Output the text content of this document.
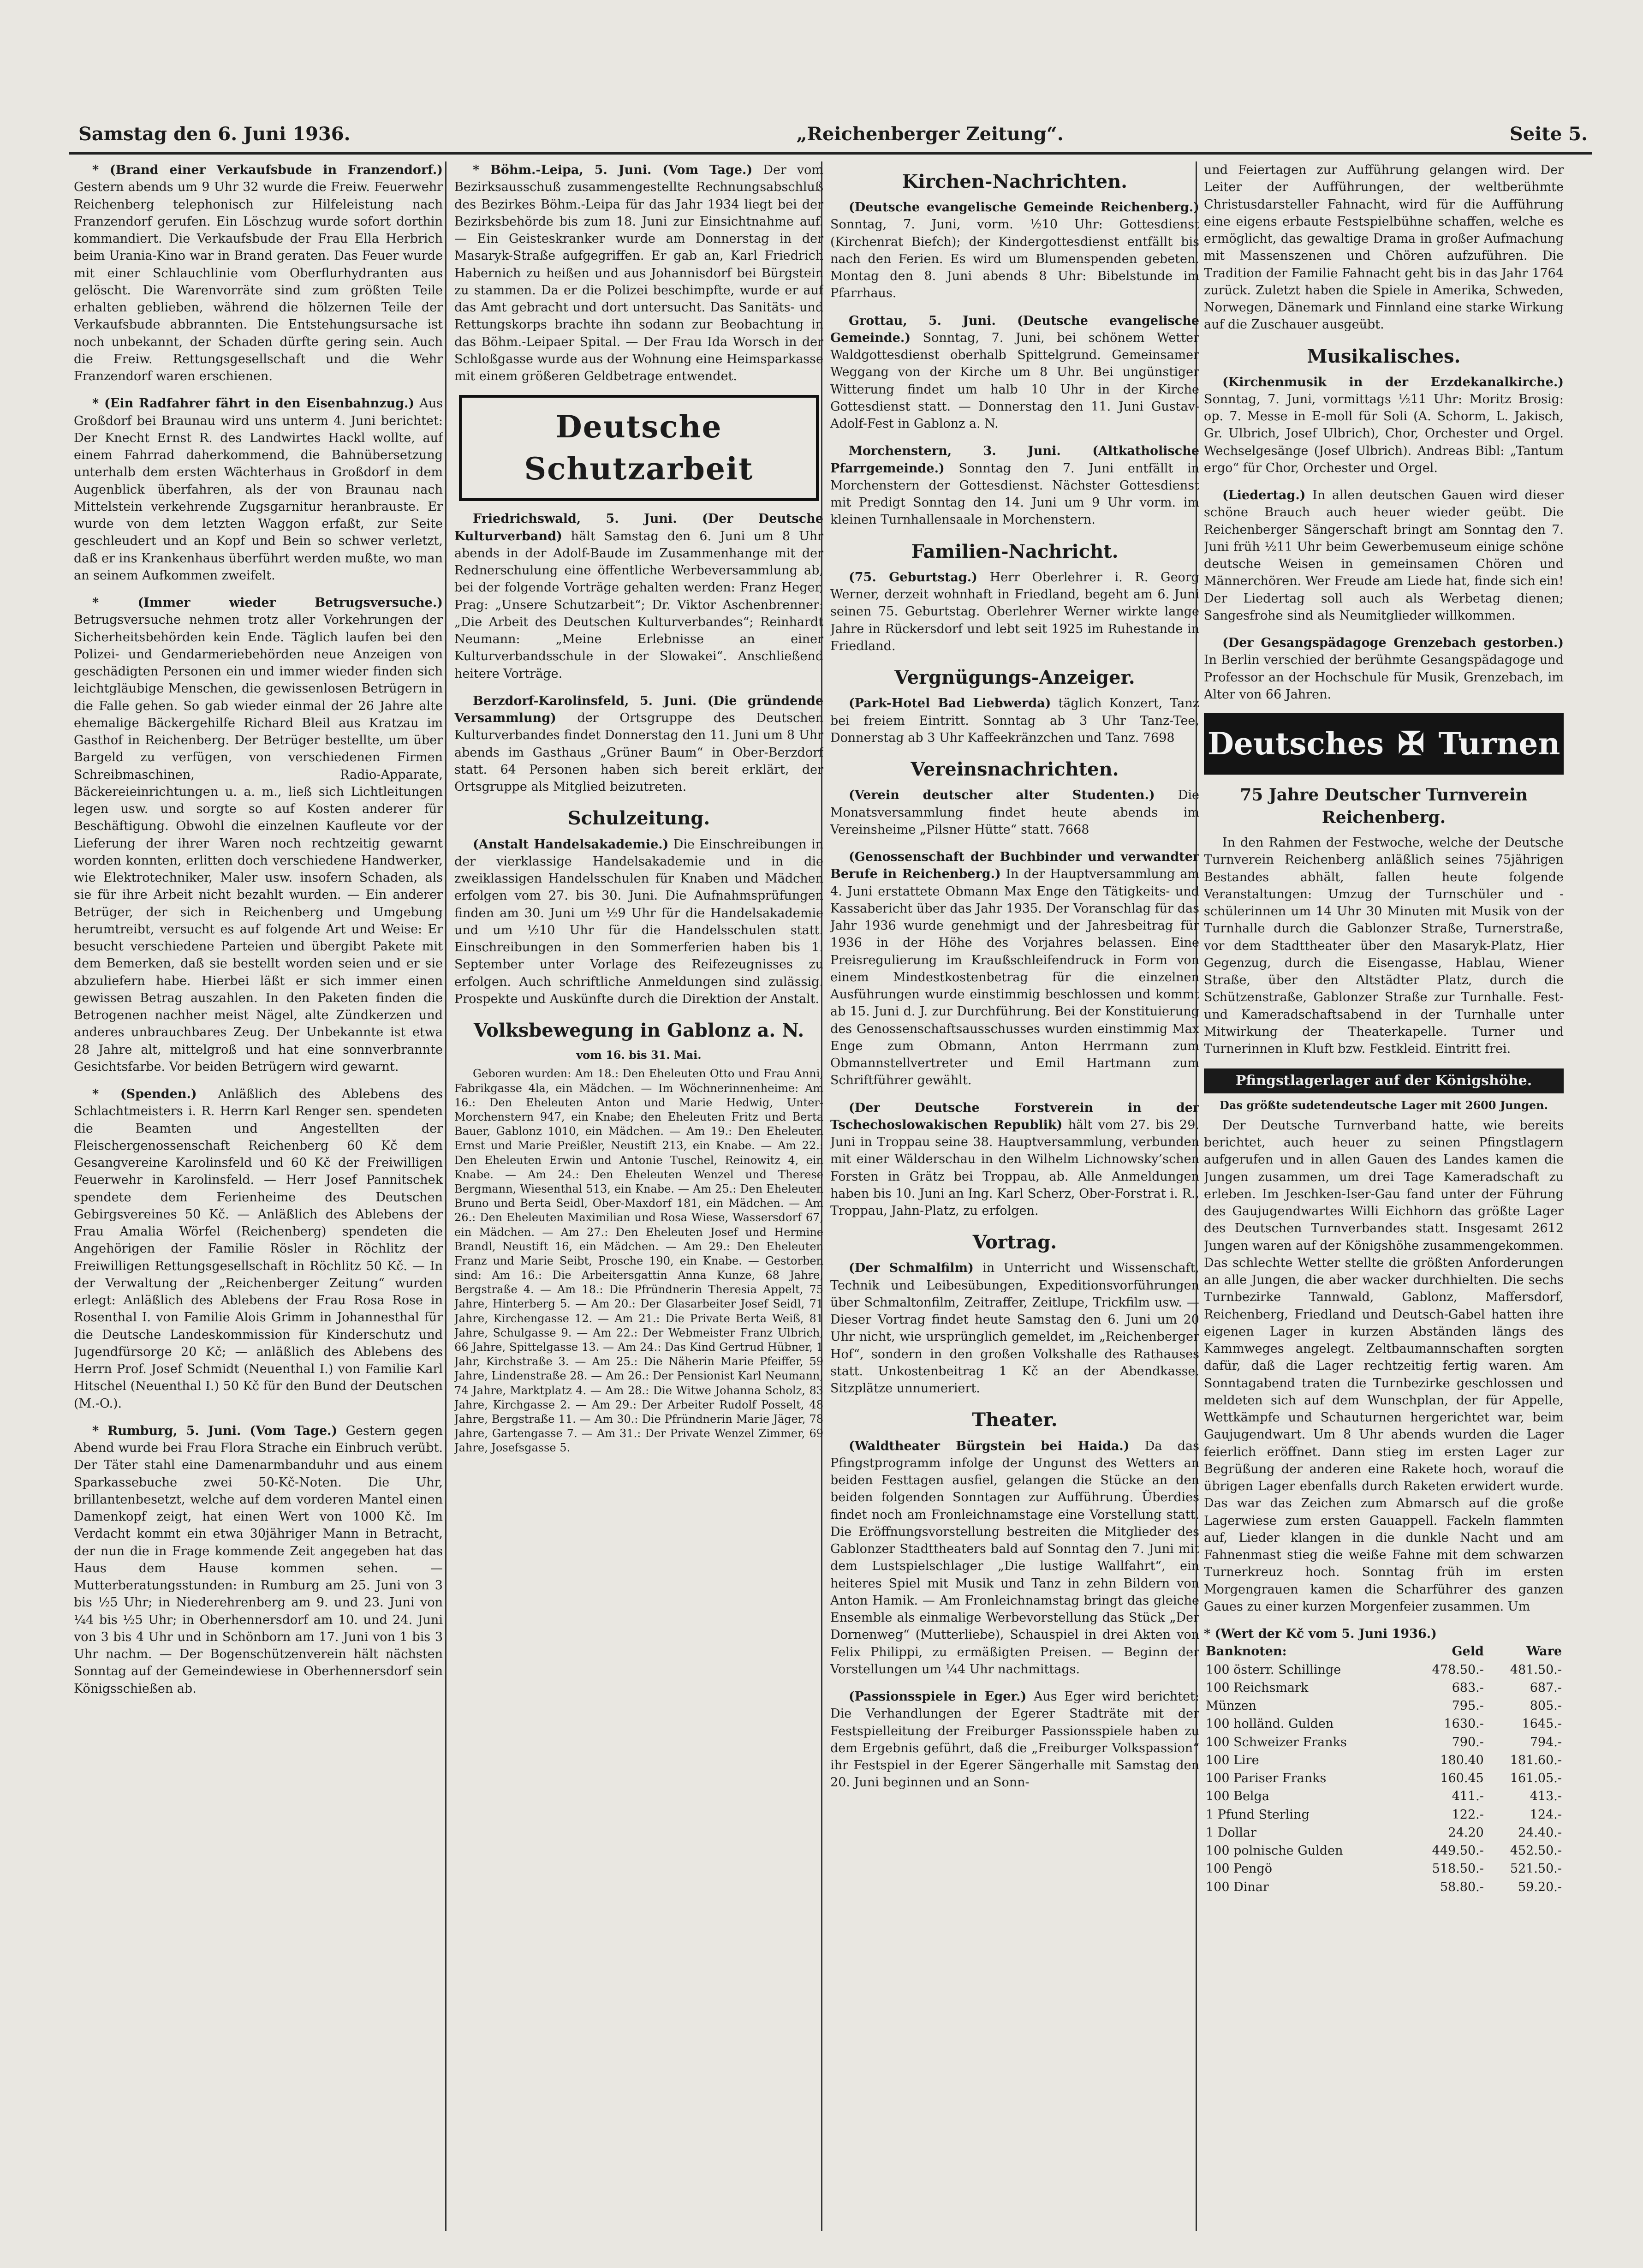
Samstag den 6. Juni 1936.	„Reichenberger Zeitung“.	Seite 5.

* (Brand einer Verkaufsbude in Franzendorf.) Gestern abends um 9 Uhr 32 wurde die Freiw. Feuerwehr Reichenberg telephonisch zur Hilfeleistung nach Franzendorf gerufen. Ein Löschzug wurde sofort dorthin kommandiert. Die Verkaufsbude der Frau Ella Herbrich beim Urania-Kino war in Brand geraten. Das Feuer wurde mit einer Schlauchlinie vom Oberflurhydranten aus gelöscht. Die Warenvorräte sind zum größten Teile erhalten geblieben, während die hölzernen Teile der Verkaufsbude abbrannten. Die Entstehungsursache ist noch unbekannt, der Schaden dürfte gering sein. Auch die Freiw. Rettungsgesellschaft und die Wehr Franzendorf waren erschienen.

* (Ein Radfahrer fährt in den Eisenbahnzug.) Aus Großdorf bei Braunau wird uns unterm 4. Juni berichtet: Der Knecht Ernst R. des Landwirtes Hackl wollte, auf einem Fahrrad daherkommend, die Bahnübersetzung unterhalb dem ersten Wächterhaus in Großdorf in dem Augenblick überfahren, als der von Braunau nach Mittelstein verkehrende Zugsgarnitur heranbrauste. Er wurde von dem letzten Waggon erfaßt, zur Seite geschleudert und an Kopf und Bein so schwer verletzt, daß er ins Krankenhaus überführt werden mußte, wo man an seinem Aufkommen zweifelt.

* (Immer wieder Betrugsversuche.) Betrugsversuche nehmen trotz aller Vorkehrungen der Sicherheitsbehörden kein Ende. Täglich laufen bei den Polizei- und Gendarmeriebehörden neue Anzeigen von geschädigten Personen ein und immer wieder finden sich leichtgläubige Menschen, die gewissenlosen Betrügern in die Falle gehen. So gab wieder einmal der 26 Jahre alte ehemalige Bäckergehilfe Richard Bleil aus Kratzau im Gasthof in Reichenberg. Der Betrüger bestellte, um über Bargeld zu verfügen, von verschiedenen Firmen Schreibmaschinen, Radio-Apparate, Bäckereieinrichtungen u. a. m., ließ sich Lichtleitungen legen usw. und sorgte so auf Kosten anderer für Beschäftigung. Obwohl die einzelnen Kaufleute vor der Lieferung der ihrer Waren noch rechtzeitig gewarnt worden konnten, erlitten doch verschiedene Handwerker, wie Elektrotechniker, Maler usw. insofern Schaden, als sie für ihre Arbeit nicht bezahlt wurden. — Ein anderer Betrüger, der sich in Reichenberg und Umgebung herumtreibt, versucht es auf folgende Art und Weise: Er besucht verschiedene Parteien und übergibt Pakete mit dem Bemerken, daß sie bestellt worden seien und er sie abzuliefern habe. Hierbei läßt er sich immer einen gewissen Betrag auszahlen. In den Paketen finden die Betrogenen nachher meist Nägel, alte Zündkerzen und anderes unbrauchbares Zeug. Der Unbekannte ist etwa 28 Jahre alt, mittelgroß und hat eine sonnverbrannte Gesichtsfarbe. Vor beiden Betrügern wird gewarnt.

* (Spenden.) Anläßlich des Ablebens des Schlachtmeisters i. R. Herrn Karl Renger sen. spendeten die Beamten und Angestellten der Fleischergenossenschaft Reichenberg 60 Kč dem Gesangvereine Karolinsfeld und 60 Kč der Freiwilligen Feuerwehr in Karolinsfeld. — Herr Josef Pannitschek spendete dem Ferienheime des Deutschen Gebirgsvereines 50 Kč. — Anläßlich des Ablebens der Frau Amalia Wörfel (Reichenberg) spendeten die Angehörigen der Familie Rösler in Röchlitz der Freiwilligen Rettungsgesellschaft in Röchlitz 50 Kč. — In der Verwaltung der „Reichenberger Zeitung“ wurden erlegt: Anläßlich des Ablebens der Frau Rosa Rose in Rosenthal I. von Familie Alois Grimm in Johannesthal für die Deutsche Landeskommission für Kinderschutz und Jugendfürsorge 20 Kč; — anläßlich des Ablebens des Herrn Prof. Josef Schmidt (Neuenthal I.) von Familie Karl Hitschel (Neuenthal I.) 50 Kč für den Bund der Deutschen (M.-O.).

* Rumburg, 5. Juni. (Vom Tage.) Gestern gegen Abend wurde bei Frau Flora Strache ein Einbruch verübt. Der Täter stahl eine Damenarmbanduhr und aus einem Sparkassebuche zwei 50-Kč-Noten. Die Uhr, brillantenbesetzt, welche auf dem vorderen Mantel einen Damenkopf zeigt, hat einen Wert von 1000 Kč. Im Verdacht kommt ein etwa 30jähriger Mann in Betracht, der nun die in Frage kommende Zeit angegeben hat das Haus dem Hause kommen sehen. — Mutterberatungsstunden: in Rumburg am 25. Juni von 3 bis ½5 Uhr; in Niederehrenberg am 9. und 23. Juni von ¼4 bis ½5 Uhr; in Oberhennersdorf am 10. und 24. Juni von 3 bis 4 Uhr und in Schönborn am 17. Juni von 1 bis 3 Uhr nachm. — Der Bogenschützenverein hält nächsten Sonntag auf der Gemeindewiese in Oberhennersdorf sein Königsschießen ab.

* Böhm.-Leipa, 5. Juni. (Vom Tage.) Der vom Bezirksausschuß zusammengestellte Rechnungsabschluß des Bezirkes Böhm.-Leipa für das Jahr 1934 liegt bei der Bezirksbehörde bis zum 18. Juni zur Einsichtnahme auf. — Ein Geisteskranker wurde am Donnerstag in der Masaryk-Straße aufgegriffen. Er gab an, Karl Friedrich Habernich zu heißen und aus Johannisdorf bei Bürgstein zu stammen. Da er die Polizei beschimpfte, wurde er auf das Amt gebracht und dort untersucht. Das Sanitäts- und Rettungskorps brachte ihn sodann zur Beobachtung in das Böhm.-Leipaer Spital. — Der Frau Ida Worsch in der Schloßgasse wurde aus der Wohnung eine Heimsparkasse mit einem größeren Geldbetrage entwendet.

Deutsche Schutzarbeit

Friedrichswald, 5. Juni. (Der Deutsche Kulturverband) hält Samstag den 6. Juni um 8 Uhr abends in der Adolf-Baude im Zusammenhange mit der Rednerschulung eine öffentliche Werbeversammlung ab, bei der folgende Vorträge gehalten werden: Franz Heger, Prag: „Unsere Schutzarbeit“; Dr. Viktor Aschenbrenner: „Die Arbeit des Deutschen Kulturverbandes“; Reinhardt Neumann: „Meine Erlebnisse an einer Kulturverbandsschule in der Slowakei“. Anschließend heitere Vorträge.

Berzdorf-Karolinsfeld, 5. Juni. (Die gründende Versammlung) der Ortsgruppe des Deutschen Kulturverbandes findet Donnerstag den 11. Juni um 8 Uhr abends im Gasthaus „Grüner Baum“ in Ober-Berzdorf statt. 64 Personen haben sich bereit erklärt, der Ortsgruppe als Mitglied beizutreten.

Schulzeitung.

(Anstalt Handelsakademie.) Die Einschreibungen in der vierklassige Handelsakademie und in die zweiklassigen Handelsschulen für Knaben und Mädchen erfolgen vom 27. bis 30. Juni. Die Aufnahmsprüfungen finden am 30. Juni um ½9 Uhr für die Handelsakademie und um ½10 Uhr für die Handelsschulen statt. Einschreibungen in den Sommerferien haben bis 1. September unter Vorlage des Reifezeugnisses zu erfolgen. Auch schriftliche Anmeldungen sind zulässig. Prospekte und Auskünfte durch die Direktion der Anstalt.

Volksbewegung in Gablonz a. N.
vom 16. bis 31. Mai.

Geboren wurden: Am 18.: Den Eheleuten Otto und Frau Anni, Fabrikgasse 4la, ein Mädchen. — Im Wöchnerinnenheime: Am 16.: Den Eheleuten Anton und Marie Hedwig, Unter-Morchenstern 947, ein Knabe; den Eheleuten Fritz und Berta Bauer, Gablonz 1010, ein Mädchen. — Am 19.: Den Eheleuten Ernst und Marie Preißler, Neustift 213, ein Knabe. — Am 22.: Den Eheleuten Erwin und Antonie Tuschel, Reinowitz 4, ein Knabe. — Am 24.: Den Eheleuten Wenzel und Therese Bergmann, Wiesenthal 513, ein Knabe. — Am 25.: Den Eheleuten Bruno und Berta Seidl, Ober-Maxdorf 181, ein Mädchen. — Am 26.: Den Eheleuten Maximilian und Rosa Wiese, Wassersdorf 67, ein Mädchen. — Am 27.: Den Eheleuten Josef und Hermine Brandl, Neustift 16, ein Mädchen. — Am 29.: Den Eheleuten Franz und Marie Seibt, Prosche 190, ein Knabe. — Gestorben sind: Am 16.: Die Arbeitersgattin Anna Kunze, 68 Jahre, Bergstraße 4. — Am 18.: Die Pfründnerin Theresia Appelt, 75 Jahre, Hinterberg 5. — Am 20.: Der Glasarbeiter Josef Seidl, 71 Jahre, Kirchengasse 12. — Am 21.: Die Private Berta Weiß, 81 Jahre, Schulgasse 9. — Am 22.: Der Webmeister Franz Ulbrich, 66 Jahre, Spittelgasse 13. — Am 24.: Das Kind Gertrud Hübner, 1 Jahr, Kirchstraße 3. — Am 25.: Die Näherin Marie Pfeiffer, 59 Jahre, Lindenstraße 28. — Am 26.: Der Pensionist Karl Neumann, 74 Jahre, Marktplatz 4. — Am 28.: Die Witwe Johanna Scholz, 83 Jahre, Kirchgasse 2. — Am 29.: Der Arbeiter Rudolf Posselt, 48 Jahre, Bergstraße 11. — Am 30.: Die Pfründnerin Marie Jäger, 78 Jahre, Gartengasse 7. — Am 31.: Der Private Wenzel Zimmer, 69 Jahre, Josefsgasse 5.

Kirchen-Nachrichten.

(Deutsche evangelische Gemeinde Reichenberg.) Sonntag, 7. Juni, vorm. ½10 Uhr: Gottesdienst (Kirchenrat Biefch); der Kindergottesdienst entfällt bis nach den Ferien. Es wird um Blumenspenden gebeten. Montag den 8. Juni abends 8 Uhr: Bibelstunde im Pfarrhaus.

Grottau, 5. Juni. (Deutsche evangelische Gemeinde.) Sonntag, 7. Juni, bei schönem Wetter Waldgottesdienst oberhalb Spittelgrund. Gemeinsamer Weggang von der Kirche um 8 Uhr. Bei ungünstiger Witterung findet um halb 10 Uhr in der Kirche Gottesdienst statt. — Donnerstag den 11. Juni Gustav-Adolf-Fest in Gablonz a. N.

Morchenstern, 3. Juni. (Altkatholische Pfarrgemeinde.) Sonntag den 7. Juni entfällt in Morchenstern der Gottesdienst. Nächster Gottesdienst mit Predigt Sonntag den 14. Juni um 9 Uhr vorm. im kleinen Turnhallensaale in Morchenstern.

Familien-Nachricht.

(75. Geburtstag.) Herr Oberlehrer i. R. Georg Werner, derzeit wohnhaft in Friedland, begeht am 6. Juni seinen 75. Geburtstag. Oberlehrer Werner wirkte lange Jahre in Rückersdorf und lebt seit 1925 im Ruhestande in Friedland.

Vergnügungs-Anzeiger.

(Park-Hotel Bad Liebwerda) täglich Konzert, Tanz bei freiem Eintritt. Sonntag ab 3 Uhr Tanz-Tee, Donnerstag ab 3 Uhr Kaffeekränzchen und Tanz. 7698

Vereinsnachrichten.

(Verein deutscher alter Studenten.) Die Monatsversammlung findet heute abends im Vereinsheime „Pilsner Hütte“ statt. 7668

(Genossenschaft der Buchbinder und verwandter Berufe in Reichenberg.) In der Hauptversammlung am 4. Juni erstattete Obmann Max Enge den Tätigkeits- und Kassabericht über das Jahr 1935. Der Voranschlag für das Jahr 1936 wurde genehmigt und der Jahresbeitrag für 1936 in der Höhe des Vorjahres belassen. Eine Preisregulierung im Kraußschleifendruck in Form von einem Mindestkostenbetrag für die einzelnen Ausführungen wurde einstimmig beschlossen und kommt ab 15. Juni d. J. zur Durchführung. Bei der Konstituierung des Genossenschaftsausschusses wurden einstimmig Max Enge zum Obmann, Anton Herrmann zum Obmannstellvertreter und Emil Hartmann zum Schriftführer gewählt.

(Der Deutsche Forstverein in der Tschechoslowakischen Republik) hält vom 27. bis 29. Juni in Troppau seine 38. Hauptversammlung, verbunden mit einer Wälderschau in den Wilhelm Lichnowsky’schen Forsten in Grätz bei Troppau, ab. Alle Anmeldungen haben bis 10. Juni an Ing. Karl Scherz, Ober-Forstrat i. R., Troppau, Jahn-Platz, zu erfolgen.

Vortrag.

(Der Schmalfilm) in Unterricht und Wissenschaft, Technik und Leibesübungen, Expeditionsvorführungen über Schmaltonfilm, Zeitraffer, Zeitlupe, Trickfilm usw. — Dieser Vortrag findet heute Samstag den 6. Juni um 20 Uhr nicht, wie ursprünglich gemeldet, im „Reichenberger Hof“, sondern in den großen Volkshalle des Rathauses statt. Unkostenbeitrag 1 Kč an der Abendkasse. Sitzplätze unnumeriert.

Theater.

(Waldtheater Bürgstein bei Haida.) Da das Pfingstprogramm infolge der Ungunst des Wetters an beiden Festtagen ausfiel, gelangen die Stücke an den beiden folgenden Sonntagen zur Aufführung. Überdies findet noch am Fronleichnamstage eine Vorstellung statt. Die Eröffnungsvorstellung bestreiten die Mitglieder des Gablonzer Stadttheaters bald auf Sonntag den 7. Juni mit dem Lustspielschlager „Die lustige Wallfahrt“, ein heiteres Spiel mit Musik und Tanz in zehn Bildern von Anton Hamik. — Am Fronleichnamstag bringt das gleiche Ensemble als einmalige Werbevorstellung das Stück „Der Dornenweg“ (Mutterliebe), Schauspiel in drei Akten von Felix Philippi, zu ermäßigten Preisen. — Beginn der Vorstellungen um ¼4 Uhr nachmittags.

(Passionsspiele in Eger.) Aus Eger wird berichtet: Die Verhandlungen der Egerer Stadträte mit der Festspielleitung der Freiburger Passionsspiele haben zu dem Ergebnis geführt, daß die „Freiburger Volkspassion“ ihr Festspiel in der Egerer Sängerhalle mit Samstag den 20. Juni beginnen und an Sonn-

und Feiertagen zur Aufführung gelangen wird. Der Leiter der Aufführungen, der weltberühmte Christusdarsteller Fahnacht, wird für die Aufführung eine eigens erbaute Festspielbühne schaffen, welche es ermöglicht, das gewaltige Drama in großer Aufmachung mit Massenszenen und Chören aufzuführen. Die Tradition der Familie Fahnacht geht bis in das Jahr 1764 zurück. Zuletzt haben die Spiele in Amerika, Schweden, Norwegen, Dänemark und Finnland eine starke Wirkung auf die Zuschauer ausgeübt.

Musikalisches.

(Kirchenmusik in der Erzdekanalkirche.) Sonntag, 7. Juni, vormittags ½11 Uhr: Moritz Brosig: op. 7. Messe in E-moll für Soli (A. Schorm, L. Jakisch, Gr. Ulbrich, Josef Ulbrich), Chor, Orchester und Orgel. Wechselgesänge (Josef Ulbrich). Andreas Bibl: „Tantum ergo“ für Chor, Orchester und Orgel.

(Liedertag.) In allen deutschen Gauen wird dieser schöne Brauch auch heuer wieder geübt. Die Reichenberger Sängerschaft bringt am Sonntag den 7. Juni früh ½11 Uhr beim Gewerbemuseum einige schöne deutsche Weisen in gemeinsamen Chören und Männerchören. Wer Freude am Liede hat, finde sich ein! Der Liedertag soll auch als Werbetag dienen; Sangesfrohe sind als Neumitglieder willkommen.

(Der Gesangspädagoge Grenzebach gestorben.) In Berlin verschied der berühmte Gesangspädagoge und Professor an der Hochschule für Musik, Grenzebach, im Alter von 66 Jahren.

Deutsches ✠ Turnen
75 Jahre Deutscher Turnverein Reichenberg.

In den Rahmen der Festwoche, welche der Deutsche Turnverein Reichenberg anläßlich seines 75jährigen Bestandes abhält, fallen heute folgende Veranstaltungen: Umzug der Turnschüler und -schülerinnen um 14 Uhr 30 Minuten mit Musik von der Turnhalle durch die Gablonzer Straße, Turnerstraße, vor dem Stadttheater über den Masaryk-Platz, Hier Gegenzug, durch die Eisengasse, Hablau, Wiener Straße, über den Altstädter Platz, durch die Schützenstraße, Gablonzer Straße zur Turnhalle. Fest- und Kameradschaftsabend in der Turnhalle unter Mitwirkung der Theaterkapelle. Turner und Turnerinnen in Kluft bzw. Festkleid. Eintritt frei.

Pfingstlagerlager auf der Königshöhe.
Das größte sudetendeutsche Lager mit 2600 Jungen.

Der Deutsche Turnverband hatte, wie bereits berichtet, auch heuer zu seinen Pfingstlagern aufgerufen und in allen Gauen des Landes kamen die Jungen zusammen, um drei Tage Kameradschaft zu erleben. Im Jeschken-Iser-Gau fand unter der Führung des Gaujugendwartes Willi Eichhorn das größte Lager des Deutschen Turnverbandes statt. Insgesamt 2612 Jungen waren auf der Königshöhe zusammengekommen. Das schlechte Wetter stellte die größten Anforderungen an alle Jungen, die aber wacker durchhielten. Die sechs Turnbezirke Tannwald, Gablonz, Maffersdorf, Reichenberg, Friedland und Deutsch-Gabel hatten ihre eigenen Lager in kurzen Abständen längs des Kammweges angelegt. Zeltbaumannschaften sorgten dafür, daß die Lager rechtzeitig fertig waren. Am Sonntagabend traten die Turnbezirke geschlossen und meldeten sich auf dem Wunschplan, der für Appelle, Wettkämpfe und Schauturnen hergerichtet war, beim Gaujugendwart. Um 8 Uhr abends wurden die Lager feierlich eröffnet. Dann stieg im ersten Lager zur Begrüßung der anderen eine Rakete hoch, worauf die übrigen Lager ebenfalls durch Raketen erwidert wurde. Das war das Zeichen zum Abmarsch auf die große Lagerwiese zum ersten Gauappell. Fackeln flammten auf, Lieder klangen in die dunkle Nacht und am Fahnenmast stieg die weiße Fahne mit dem schwarzen Turnerkreuz hoch. Sonntag früh im ersten Morgengrauen kamen die Scharführer des ganzen Gaues zu einer kurzen Morgenfeier zusammen. Um

* (Wert der Kč vom 5. Juni 1936.)
Banknoten:	Geld	Ware
100 österr. Schillinge	478.50.-	481.50.-
100 Reichsmark	683.-	687.-
Münzen	795.-	805.-
100 holländ. Gulden	1630.-	1645.-
100 Schweizer Franks	790.-	794.-
100 Lire	180.40	181.60.-
100 Pariser Franks	160.45	161.05.-
100 Belga	411.-	413.-
1 Pfund Sterling	122.-	124.-
1 Dollar	24.20	24.40.-
100 polnische Gulden	449.50.-	452.50.-
100 Pengö	518.50.-	521.50.-
100 Dinar	58.80.-	59.20.-
